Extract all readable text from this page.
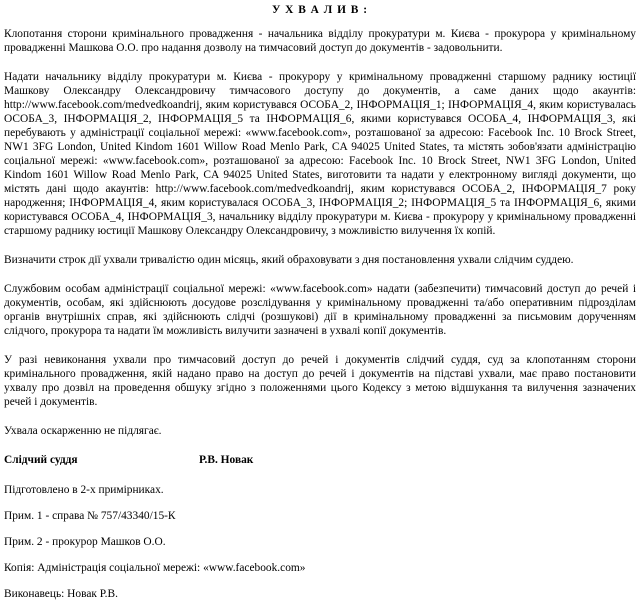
У Х В А Л И В :

Клопотання сторони кримінального провадження - начальника відділу прокуратури м. Києва - прокурора у кримінальному провадженні Машкова О.О. про надання дозволу на тимчасовий доступ до документів - задовольнити.

Надати начальнику відділу прокуратури м. Києва - прокурору у кримінальному провадженні старшому раднику юстиції Машкову Олександру Олександровичу тимчасового доступу до документів, а саме даних щодо акаунтів: http://www.facebook.com/medvedkoandrij, яким користувався ОСОБА_2, ІНФОРМАЦІЯ_1; ІНФОРМАЦІЯ_4, яким користувалась ОСОБА_3, ІНФОРМАЦІЯ_2, ІНФОРМАЦІЯ_5 та ІНФОРМАЦІЯ_6, якими користувався ОСОБА_4, ІНФОРМАЦІЯ_3, які перебувають у адміністрації соціальної мережі: «www.facebook.com», розташованої за адресою: Facebook Inc. 10 Brock Street, NW1 3FG London, United Kindom 1601 Willow Road Menlo Park, CA 94025 United States, та містять зобов'язати адміністрацію соціальної мережі: «www.facebook.com», розташованої за адресою: Facebook Inc. 10 Brock Street, NW1 3FG London, United Kindom 1601 Willow Road Menlo Park, CA 94025 United States, виготовити та надати у електронному вигляді документи, що містять дані щодо акаунтів: http://www.facebook.com/medvedkoandrij, яким користувався ОСОБА_2, ІНФОРМАЦІЯ_7 року народження; ІНФОРМАЦІЯ_4, яким користувалася ОСОБА_3, ІНФОРМАЦІЯ_2; ІНФОРМАЦІЯ_5 та ІНФОРМАЦІЯ_6, якими користувався ОСОБА_4, ІНФОРМАЦІЯ_3, начальнику відділу прокуратури м. Києва - прокурору у кримінальному провадженні старшому раднику юстиції Машкову Олександру Олександровичу, з можливістю вилучення їх копій.

Визначити строк дії ухвали тривалістю один місяць, який обраховувати з дня постановлення ухвали слідчим суддею.

Службовим особам адміністрації соціальної мережі: «www.facebook.com» надати (забезпечити) тимчасовий доступ до речей і документів, особам, які здійснюють досудове розслідування у кримінальному провадженні та/або оперативним підрозділам органів внутрішніх справ, які здійснюють слідчі (розшукові) дії в кримінальному провадженні за письмовим дорученням слідчого, прокурора та надати їм можливість вилучити зазначені в ухвалі копії документів.

У разі невиконання ухвали про тимчасовий доступ до речей і документів слідчий суддя, суд за клопотанням сторони кримінального провадження, якій надано право на доступ до речей і документів на підставі ухвали, має право постановити ухвалу про дозвіл на проведення обшуку згідно з положеннями цього Кодексу з метою відшукання та вилучення зазначених речей і документів.

Ухвала оскарженню не підлягає.

Слідчий суддя	Р.В. Новак
Підготовлено в 2-х примірниках.
Прим. 1 - справа № 757/43340/15-К
Прим. 2 - прокурор Машков О.О.
Копія: Адміністрація соціальної мережі: «www.facebook.com»
Виконавець: Новак Р.В.
